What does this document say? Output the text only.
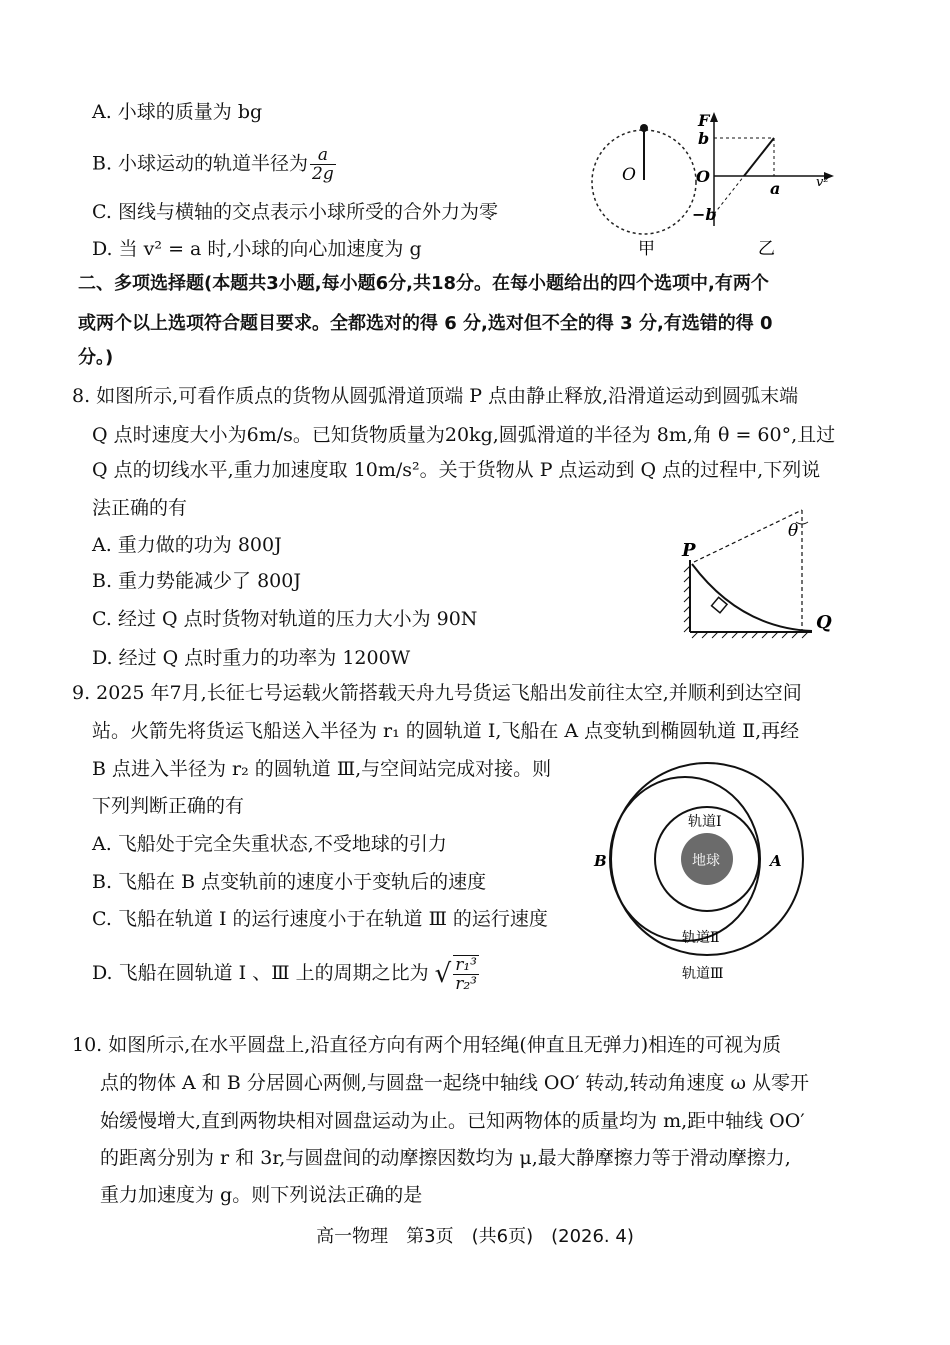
A. 小球的质量为 bg
B. 小球运动的轨道半径为 $\frac{a}{2g}$
C. 图线与横轴的交点表示小球所受的合外力为零
D. 当 v² = a 时,小球的向心加速度为 g
O
甲
F
b
O
a	v²
−b
乙
二、多项选择题(本题共3小题,每小题6分,共18分。在每小题给出的四个选项中,有两个
或两个以上选项符合题目要求。全都选对的得 6 分,选对但不全的得 3 分,有选错的得 0
分。)
8. 如图所示,可看作质点的货物从圆弧滑道顶端 P 点由静止释放,沿滑道运动到圆弧末端
Q 点时速度大小为6m/s。已知货物质量为20kg,圆弧滑道的半径为 8m,角 θ = 60°,且过
Q 点的切线水平,重力加速度取 10m/s²。关于货物从 P 点运动到 Q 点的过程中,下列说
法正确的有
A. 重力做的功为 800J
B. 重力势能减少了 800J
C. 经过 Q 点时货物对轨道的压力大小为 90N
D. 经过 Q 点时重力的功率为 1200W
P
Q
θ
9. 2025 年7月,长征七号运载火箭搭载天舟九号货运飞船出发前往太空,并顺利到达空间
站。火箭先将货运飞船送入半径为 r₁ 的圆轨道 Ⅰ,飞船在 A 点变轨到椭圆轨道 Ⅱ,再经
B 点进入半径为 r₂ 的圆轨道 Ⅲ,与空间站完成对接。则
下列判断正确的有
A. 飞船处于完全失重状态,不受地球的引力
B. 飞船在 B 点变轨前的速度小于变轨后的速度
C. 飞船在轨道 Ⅰ 的运行速度小于在轨道 Ⅲ 的运行速度
D. 飞船在圆轨道 Ⅰ 、Ⅲ 上的周期之比为 √ $\frac{\text{r₁³}}{\text{r₂³}}$
地球
轨道Ⅰ
轨道Ⅱ
轨道Ⅲ
B	A
10. 如图所示,在水平圆盘上,沿直径方向有两个用轻绳(伸直且无弹力)相连的可视为质
点的物体 A 和 B 分居圆心两侧,与圆盘一起绕中轴线 OO′ 转动,转动角速度 ω 从零开
始缓慢增大,直到两物块相对圆盘运动为止。已知两物体的质量均为 m,距中轴线 OO′
的距离分别为 r 和 3r,与圆盘间的动摩擦因数均为 μ,最大静摩擦力等于滑动摩擦力,
重力加速度为 g。则下列说法正确的是
高一物理　第3页　(共6页)　(2026. 4)
